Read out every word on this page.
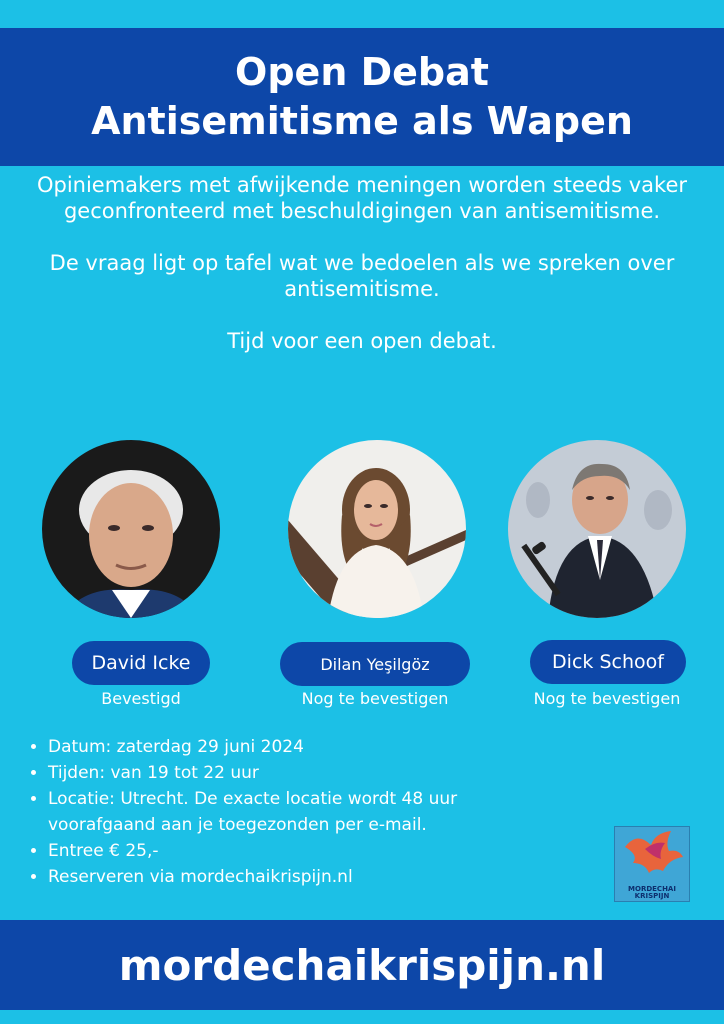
Open Debat
Antisemitisme als Wapen

Opiniemakers met afwijkende meningen worden steeds vaker geconfronteerd met beschuldigingen van antisemitisme.

De vraag ligt op tafel wat we bedoelen als we spreken over antisemitisme.

Tijd voor een open debat.

David Icke	Dilan Yeşilgöz	Dick Schoof
Bevestigd	Nog te bevestigen	Nog te bevestigen
• Datum: zaterdag 29 juni 2024
• Tijden: van 19 tot 22 uur
• Locatie: Utrecht. De exacte locatie wordt 48 uur voorafgaand aan je toegezonden per e-mail.
• Entree € 25,-
• Reserveren via mordechaikrispijn.nl
MORDECHAI
KRISPIJN
mordechaikrispijn.nl
